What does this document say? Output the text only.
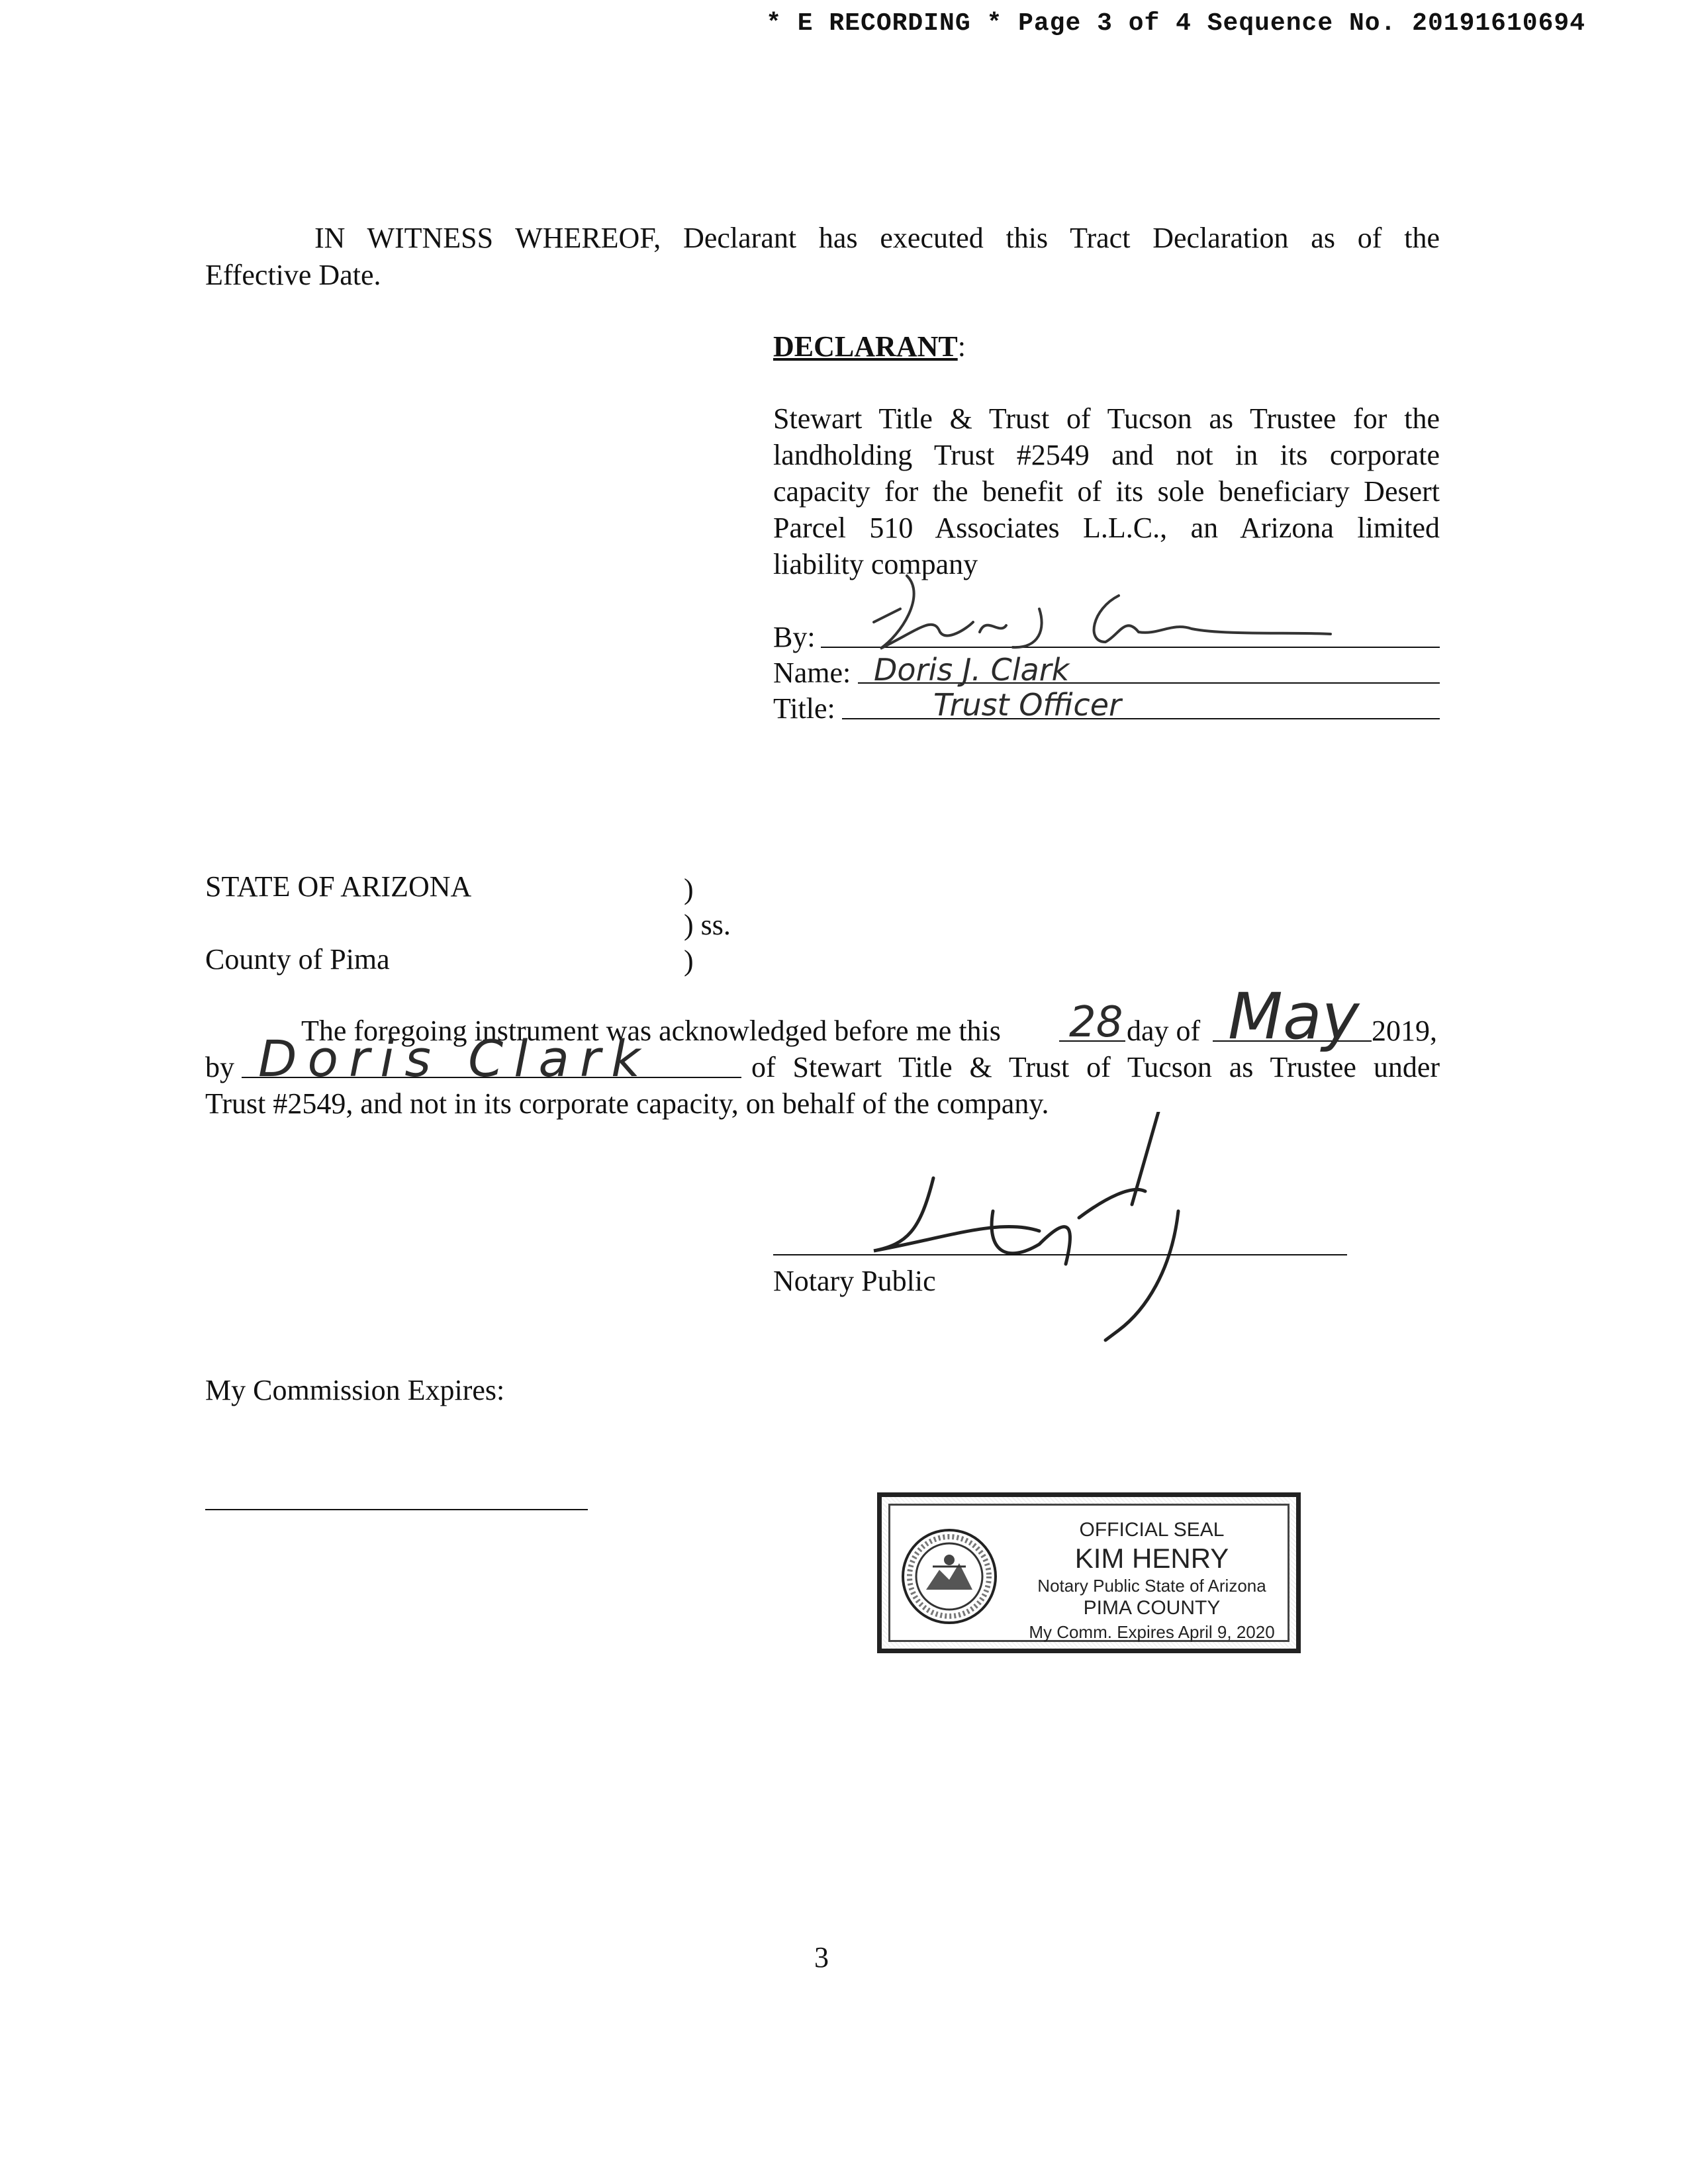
* E RECORDING * Page 3 of 4 Sequence No. 20191610694
IN WITNESS WHEREOF, Declarant has executed this Tract Declaration as of the
Effective Date.
DECLARANT:
Stewart Title & Trust of Tucson as Trustee for the
landholding Trust #2549 and not in its corporate
capacity for the benefit of its sole beneficiary Desert
Parcel 510 Associates L.L.C., an Arizona limited
liability company
By:
Name: Doris J. Clark
Title:	Trust Officer
STATE OF ARIZONA	)
) ss.
County of Pima	)
The foregoing instrument was acknowledged before me this 28 day of May 2019,
by Doris Clark	of Stewart Title & Trust of Tucson as Trustee under
Trust #2549, and not in its corporate capacity, on behalf of the company.
Notary Public
My Commission Expires:
OFFICIAL SEAL
KIM HENRY
Notary Public State of Arizona
PIMA COUNTY
My Comm. Expires April 9, 2020
3
